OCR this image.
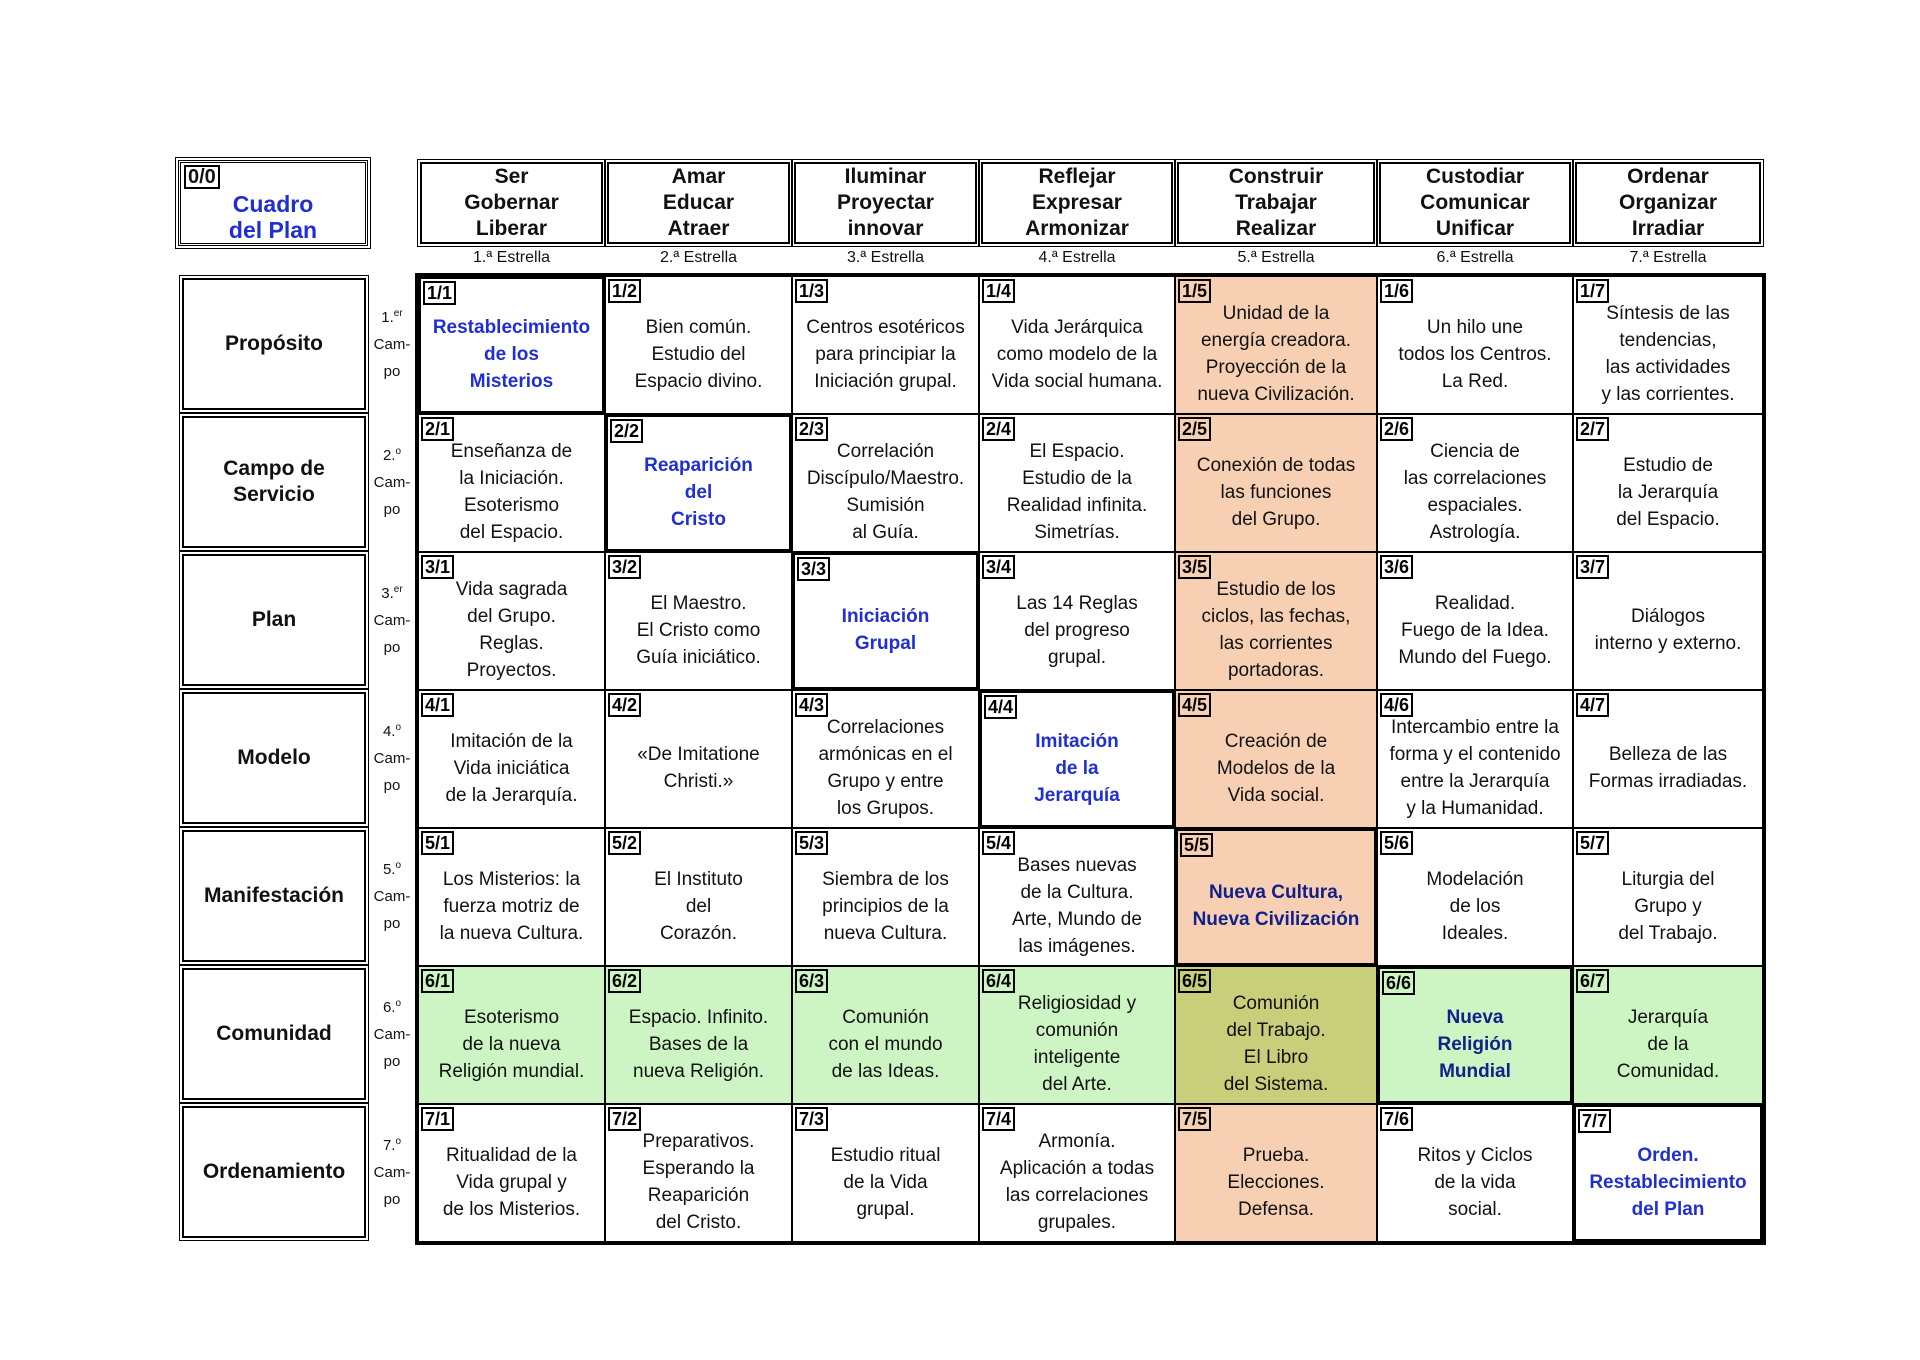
0/0
Cuadro
del Plan
Ser
Gobernar
Liberar
1.ª Estrella
Amar
Educar
Atraer
2.ª Estrella
Iluminar
Proyectar
innovar
3.ª Estrella
Reflejar
Expresar
Armonizar
4.ª Estrella
Construir
Trabajar
Realizar
5.ª Estrella
Custodiar
Comunicar
Unificar
6.ª Estrella
Ordenar
Organizar
Irradiar
7.ª Estrella
Propósito
1.$^{er}$
Cam-
po
1/1
Restablecimiento
de los
Misterios
1/2
Bien común.
Estudio del
Espacio divino.
1/3
Centros esotéricos
para principiar la
Iniciación grupal.
1/4
Vida Jerárquica
como modelo de la
Vida social humana.
1/5
Unidad de la
energía creadora.
Proyección de la
nueva Civilización.
1/6
Un hilo une
todos los Centros.
La Red.
1/7
Síntesis de las
tendencias,
las actividades
y las corrientes.
Campo de
Servicio
2.$^o$
Cam-
po
2/1
Enseñanza de
la Iniciación.
Esoterismo
del Espacio.
2/2
Reaparición
del
Cristo
2/3
Correlación
Discípulo/Maestro.
Sumisión
al Guía.
2/4
El Espacio.
Estudio de la
Realidad infinita.
Simetrías.
2/5
Conexión de todas
las funciones
del Grupo.
2/6
Ciencia de
las correlaciones
espaciales.
Astrología.
2/7
Estudio de
la Jerarquía
del Espacio.
Plan
3.$^{er}$
Cam-
po
3/1
Vida sagrada
del Grupo.
Reglas.
Proyectos.
3/2
El Maestro.
El Cristo como
Guía iniciático.
3/3
Iniciación
Grupal
3/4
Las 14 Reglas
del progreso
grupal.
3/5
Estudio de los
ciclos, las fechas,
las corrientes
portadoras.
3/6
Realidad.
Fuego de la Idea.
Mundo del Fuego.
3/7
Diálogos
interno y externo.
Modelo
4.$^o$
Cam-
po
4/1
Imitación de la
Vida iniciática
de la Jerarquía.
4/2
«De Imitatione
Christi.»
4/3
Correlaciones
armónicas en el
Grupo y entre
los Grupos.
4/4
Imitación
de la
Jerarquía
4/5
Creación de
Modelos de la
Vida social.
4/6
Intercambio entre la
forma y el contenido
entre la Jerarquía
y la Humanidad.
4/7
Belleza de las
Formas irradiadas.
Manifestación
5.$^o$
Cam-
po
5/1
Los Misterios: la
fuerza motriz de
la nueva Cultura.
5/2
El Instituto
del
Corazón.
5/3
Siembra de los
principios de la
nueva Cultura.
5/4
Bases nuevas
de la Cultura.
Arte, Mundo de
las imágenes.
5/5
Nueva Cultura,
Nueva Civilización
5/6
Modelación
de los
Ideales.
5/7
Liturgia del
Grupo y
del Trabajo.
Comunidad
6.$^o$
Cam-
po
6/1
Esoterismo
de la nueva
Religión mundial.
6/2
Espacio. Infinito.
Bases de la
nueva Religión.
6/3
Comunión
con el mundo
de las Ideas.
6/4
Religiosidad y
comunión
inteligente
del Arte.
6/5
Comunión
del Trabajo.
El Libro
del Sistema.
6/6
Nueva
Religión
Mundial
6/7
Jerarquía
de la
Comunidad.
Ordenamiento
7.$^o$
Cam-
po
7/1
Ritualidad de la
Vida grupal y
de los Misterios.
7/2
Preparativos.
Esperando la
Reaparición
del Cristo.
7/3
Estudio ritual
de la Vida
grupal.
7/4
Armonía.
Aplicación a todas
las correlaciones
grupales.
7/5
Prueba.
Elecciones.
Defensa.
7/6
Ritos y Ciclos
de la vida
social.
7/7
Orden.
Restablecimiento
del Plan
